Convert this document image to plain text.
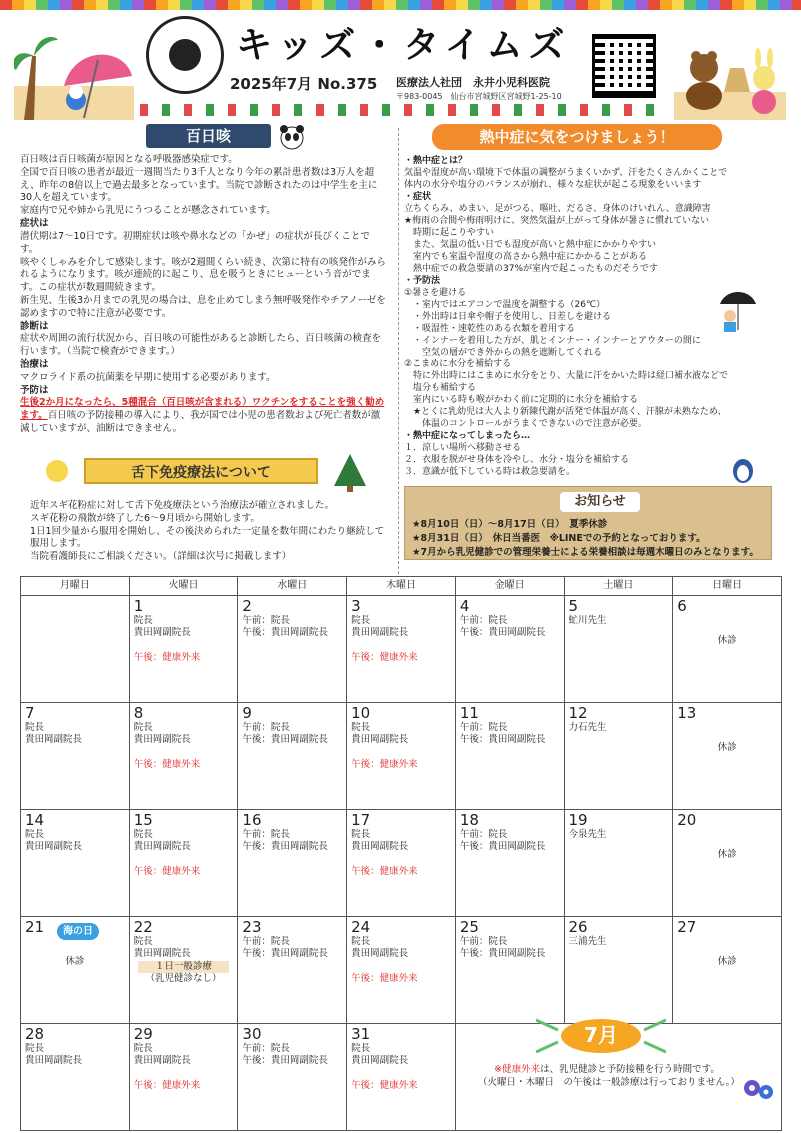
キッズ・タイムズ
2025年7月 No.375 医療法人社団　永井小児科医院
〒983-0045　仙台市宮城野区宮城野1-25-10
百日咳

百日咳は百日咳菌が原因となる呼吸器感染症です。

全国で百日咳の患者が最近一週間当たり3千人となり今年の累計患者数は3万人を超え、昨年の8倍以上で過去最多となっています。当院で診断されたのは中学生を主に30人を超えています。

家庭内で兄や姉から乳児にうつることが懸念されています。

症状は

潜伏期は7～10日です。初期症状は咳や鼻水などの「かぜ」の症状が長びくことです。

咳やくしゃみを介して感染します。咳が2週間くらい続き、次第に特有の咳発作がみられるようになります。咳が連続的に起こり、息を吸うときにヒューという音がでます。この症状が数週間続きます。

新生児、生後3か月までの乳児の場合は、息を止めてしまう無呼吸発作やチアノーゼを認めますので特に注意が必要です。

診断は

症状や周囲の流行状況から、百日咳の可能性があると診断したら、百日咳菌の検査を行います。（当院で検査ができます。）

治療は

マクロライド系の抗菌薬を早期に使用する必要があります。

予防は

生後2か月になったら、5種混合（百日咳が含まれる）ワクチンをすることを強く勧めます。百日咳の予防接種の導入により、我が国では小児の患者数および死亡者数が激減していますが、油断はできません。

舌下免疫療法について

近年スギ花粉症に対して舌下免疫療法という治療法が確立されました。

スギ花粉の飛散が終了した6～9月頃から開始します。

1日1回少量から服用を開始し、その後決められた一定量を数年間にわたり継続して服用します。

当院看護師長にご相談ください。（詳細は次号に掲載します）

熱中症に気をつけましょう！

・熱中症とは？

気温や湿度が高い環境下で体温の調整がうまくいかず、汗をたくさんかくことで

体内の水分や塩分のバランスが崩れ、様々な症状が起こる現象をいいます

・症状

立ちくらみ、めまい、足がつる、嘔吐、だるさ、身体のけいれん、意識障害

★梅雨の合間や梅雨明けに、突然気温が上がって身体が暑さに慣れていない

　時期に起こりやすい

　また、気温の低い日でも湿度が高いと熱中症にかかりやすい

　室内でも室温や湿度の高さから熱中症にかかることがある

　熱中症での救急要請の37%が室内で起こったものだそうです

・予防法

①暑さを避ける

　・室内ではエアコンで温度を調整する（26℃）

　・外出時は日傘や帽子を使用し、日差しを避ける

　・吸湿性・速乾性のある衣類を着用する

　・インナーを着用した方が、肌とインナー・インナーとアウターの間に

　　空気の層ができ外からの熱を遮断してくれる

②こまめに水分を補給する

　特に外出時にはこまめに水分をとり、大量に汗をかいた時は経口補水液などで

　塩分も補給する

　室内にいる時も喉がかわく前に定期的に水分を補給する

　★とくに乳幼児は大人より新陳代謝が活発で体温が高く、汗腺が未熟なため、

　　体温のコントロールがうまくできないので注意が必要。

・熱中症になってしまったら…

１．涼しい場所へ移動させる

２．衣服を脱がせ身体を冷やし、水分・塩分を補給する

３．意識が低下している時は救急要請を。

お知らせ

★8月10日（日）～8月17日（日）　夏季休診

★8月31日（日）　休日当番医　※LINEでの予約となっております。

★7月から乳児健診での管理栄養士による栄養相談は毎週木曜日のみとなります。

月曜日	火曜日	水曜日	木曜日	金曜日	土曜日	日曜日

	1
院長
貴田岡副院長
午後：健康外来	2
午前：院長
午後：貴田岡副院長	3
院長
貴田岡副院長
午後：健康外来	4
午前：院長
午後：貴田岡副院長	5
虻川先生	6
休診

7
院長
貴田岡副院長	8
院長
貴田岡副院長
午後：健康外来	9
午前：院長
午後：貴田岡副院長	10
院長
貴田岡副院長
午後：健康外来	11
午前：院長
午後：貴田岡副院長	12
力石先生	13
休診

14
院長
貴田岡副院長	15
院長
貴田岡副院長
午後：健康外来	16
午前：院長
午後：貴田岡副院長	17
院長
貴田岡副院長
午後：健康外来	18
午前：院長
午後：貴田岡副院長	19
今泉先生	20
休診

21 海の日
休診	22
院長
貴田岡副院長
１日一般診療
（乳児健診なし）	23
午前：院長
午後：貴田岡副院長	24
院長
貴田岡副院長
午後：健康外来	25
午前：院長
午後：貴田岡副院長	26
三浦先生	27
休診

28
院長
貴田岡副院長	29
院長
貴田岡副院長
午後：健康外来	30
午前：院長
午後：貴田岡副院長	31
院長
貴田岡副院長
午後：健康外来			

7月

※健康外来は、乳児健診と予防接種を行う時間です。

（火曜日・木曜日　の午後は一般診療は行っておりません。）
